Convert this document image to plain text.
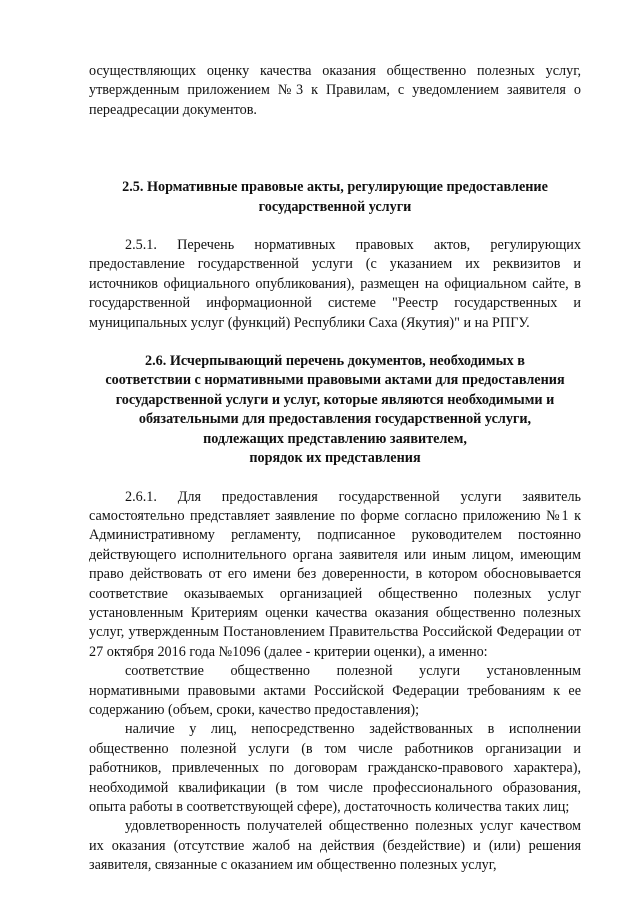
осуществляющих оценку качества оказания общественно полезных услуг, утвержденным приложением №3 к Правилам, с уведомлением заявителя о переадресации документов.

2.5. Нормативные правовые акты, регулирующие предоставление государственной услуги

2.5.1. Перечень нормативных правовых актов, регулирующих предоставление государственной услуги (с указанием их реквизитов и источников официального опубликования), размещен на официальном сайте, в государственной информационной системе "Реестр государственных и муниципальных услуг (функций) Республики Саха (Якутия)" и на РПГУ.

2.6. Исчерпывающий перечень документов, необходимых в
соответствии с нормативными правовыми актами для предоставления
государственной услуги и услуг, которые являются необходимыми и
обязательными для предоставления государственной услуги,
подлежащих представлению заявителем,
порядок их представления

2.6.1. Для предоставления государственной услуги заявитель самостоятельно представляет заявление по форме согласно приложению №1 к Административному регламенту, подписанное руководителем постоянно действующего исполнительного органа заявителя или иным лицом, имеющим право действовать от его имени без доверенности, в котором обосновывается соответствие оказываемых организацией общественно полезных услуг установленным Критериям оценки качества оказания общественно полезных услуг, утвержденным Постановлением Правительства Российской Федерации от 27 октября 2016 года №1096 (далее - критерии оценки), а именно:

соответствие общественно полезной услуги установленным нормативными правовыми актами Российской Федерации требованиям к ее содержанию (объем, сроки, качество предоставления);

наличие у лиц, непосредственно задействованных в исполнении общественно полезной услуги (в том числе работников организации и работников, привлеченных по договорам гражданско-правового характера), необходимой квалификации (в том числе профессионального образования, опыта работы в соответствующей сфере), достаточность количества таких лиц;

удовлетворенность получателей общественно полезных услуг качеством их оказания (отсутствие жалоб на действия (бездействие) и (или) решения заявителя, связанные с оказанием им общественно полезных услуг,
